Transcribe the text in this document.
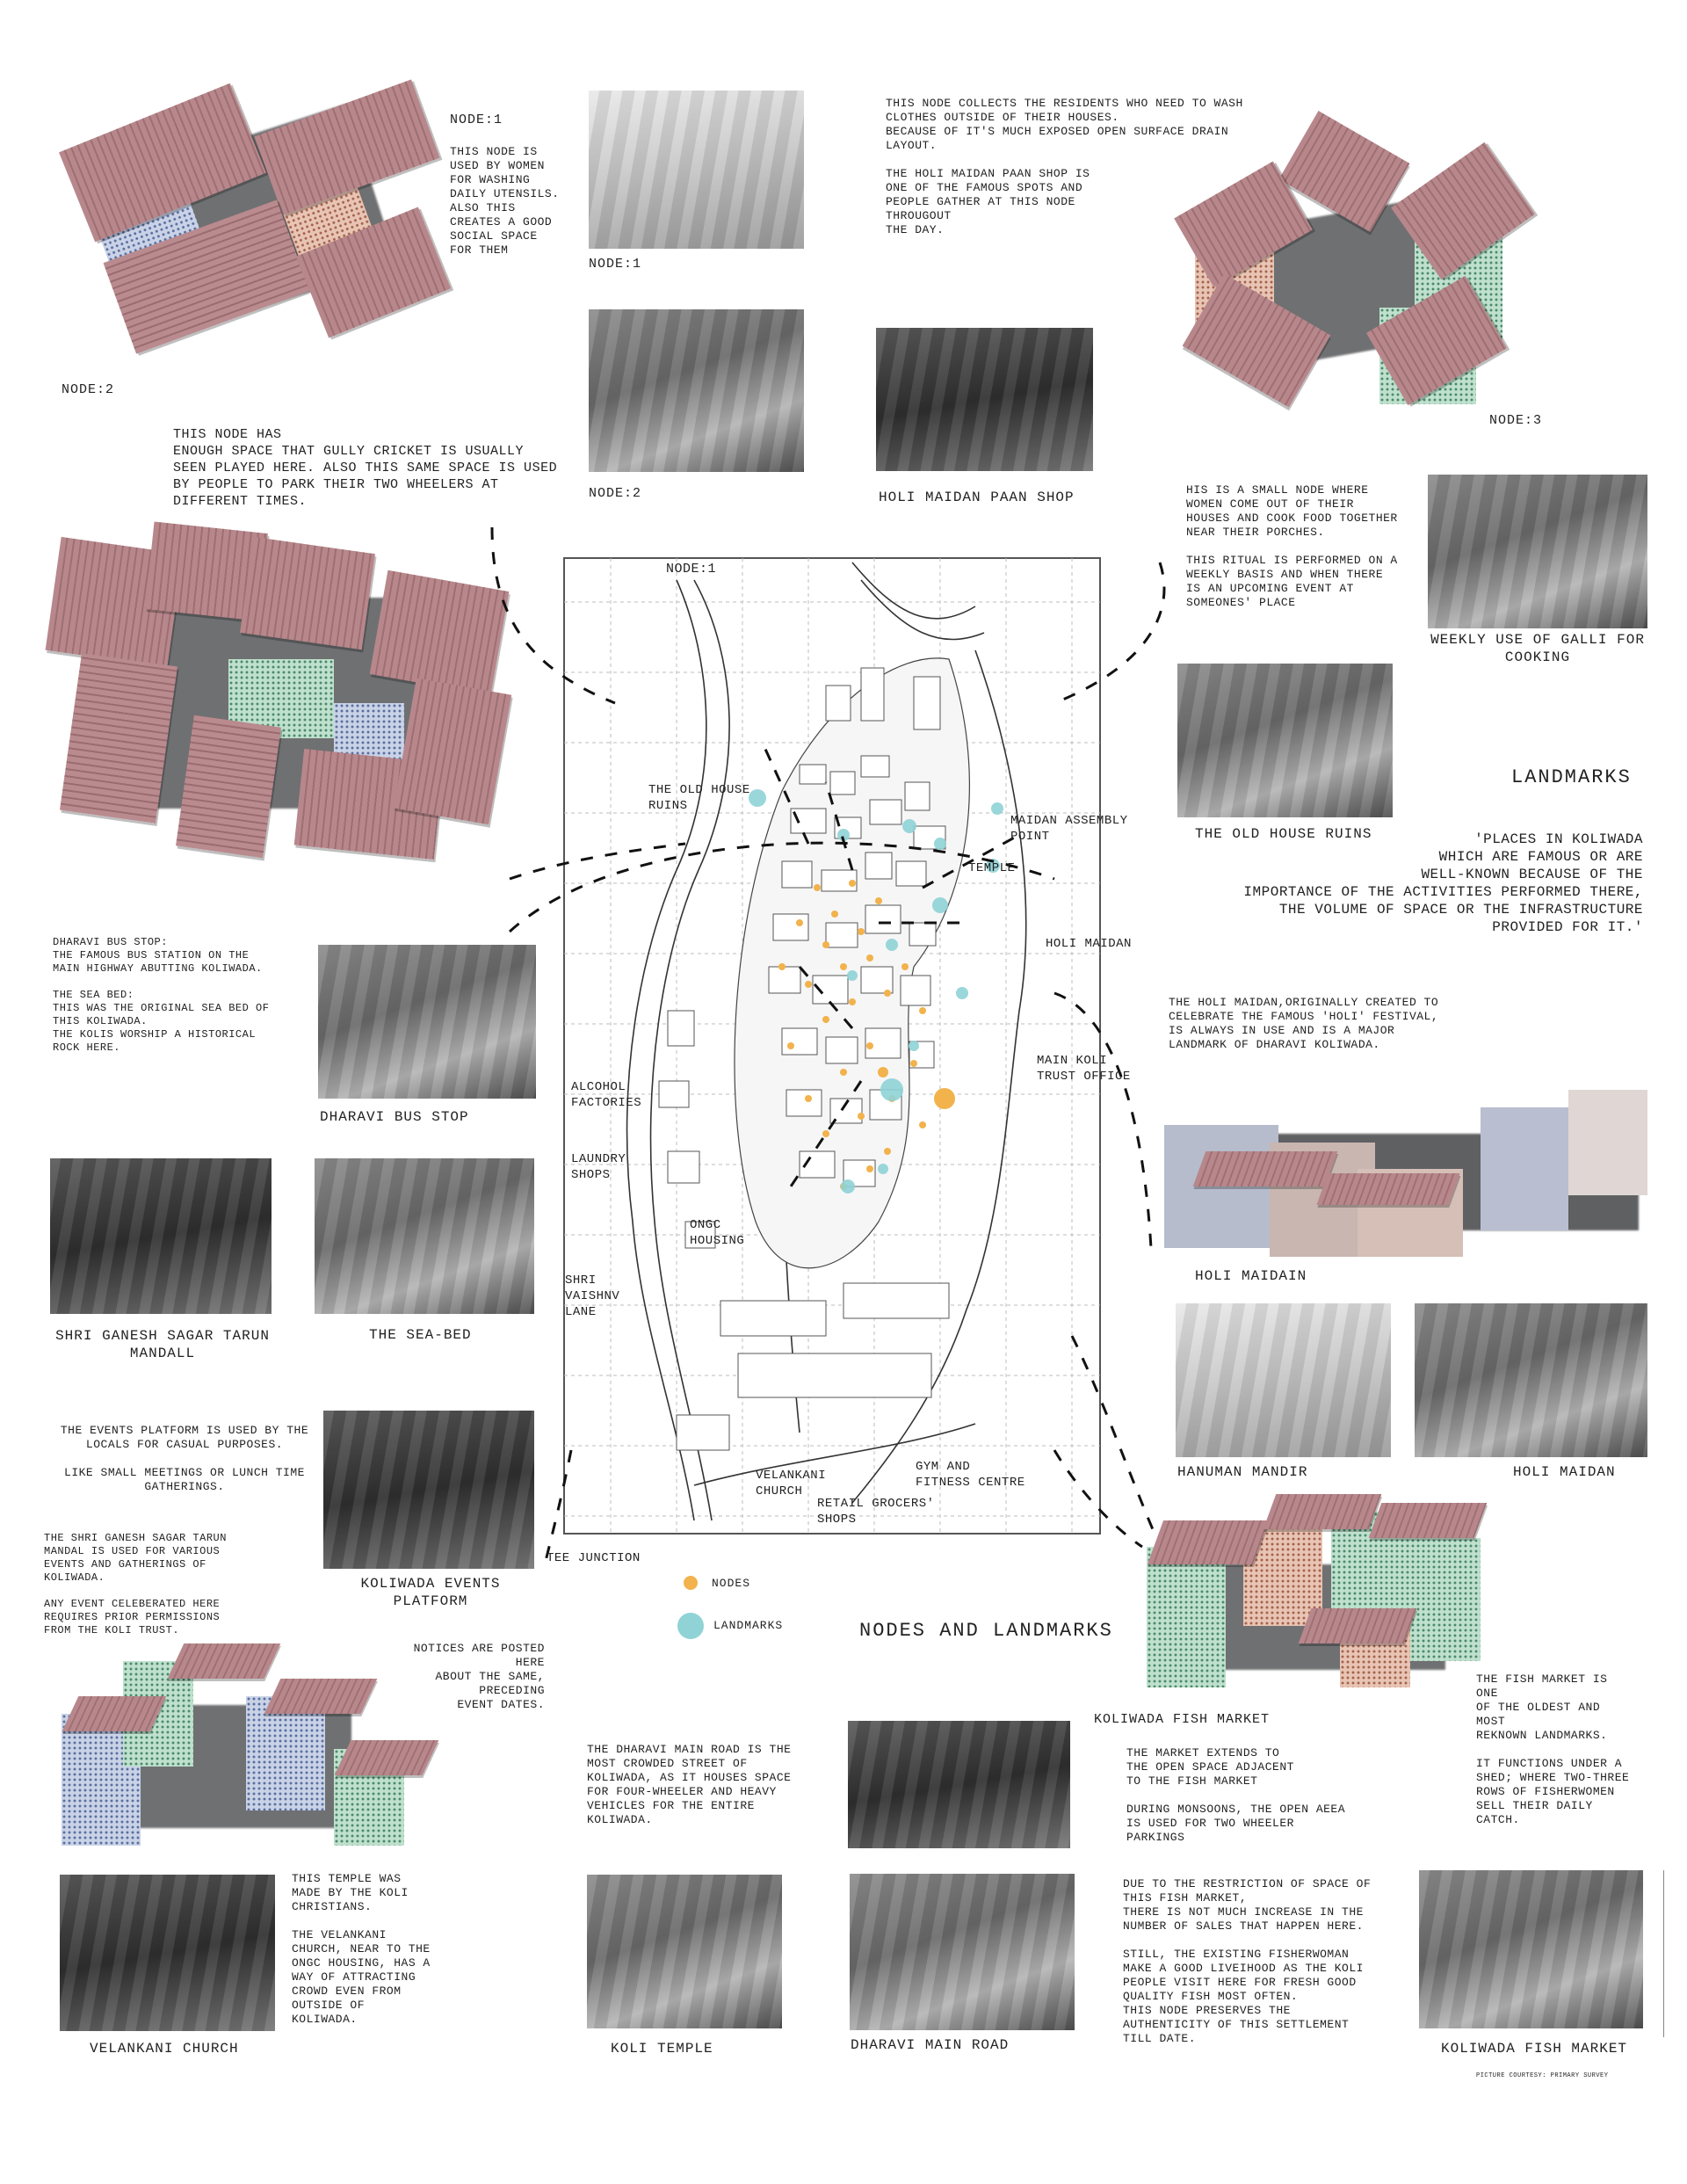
NODE:1
THIS NODE IS
USED BY WOMEN
FOR WASHING
DAILY UTENSILS.
ALSO THIS
CREATES A GOOD
SOCIAL SPACE
FOR THEM
NODE:1
THIS NODE COLLECTS THE RESIDENTS WHO NEED TO WASH
CLOTHES OUTSIDE OF THEIR HOUSES.
BECAUSE OF IT'S MUCH EXPOSED OPEN SURFACE DRAIN
LAYOUT.

THE HOLI MAIDAN PAAN SHOP IS
ONE OF THE FAMOUS SPOTS AND
PEOPLE GATHER AT THIS NODE
THROUGOUT
THE DAY.
NODE:2	HOLI MAIDAN PAAN SHOP
NODE:3
NODE:2
THIS NODE HAS
ENOUGH SPACE THAT GULLY CRICKET IS USUALLY
SEEN PLAYED HERE. ALSO THIS SAME SPACE IS USED
BY PEOPLE TO PARK THEIR TWO WHEELERS AT
DIFFERENT TIMES.
HIS IS A SMALL NODE WHERE
WOMEN COME OUT OF THEIR
HOUSES AND COOK FOOD TOGETHER
NEAR THEIR PORCHES.

THIS RITUAL IS PERFORMED ON A
WEEKLY BASIS AND WHEN THERE
IS AN UPCOMING EVENT AT
SOMEONES' PLACE
WEEKLY USE OF GALLI FOR
COOKING
THE OLD HOUSE RUINS
LANDMARKS
'PLACES IN KOLIWADA
WHICH ARE FAMOUS OR ARE
WELL-KNOWN BECAUSE OF THE
IMPORTANCE OF THE ACTIVITIES PERFORMED THERE,
THE VOLUME OF SPACE OR THE INFRASTRUCTURE
PROVIDED FOR IT.'
NODE:1
THE OLD HOUSE
RUINS
MAIDAN ASSEMBLY
POINT
TEMPLE
HOLI MAIDAN
ALCOHOL
FACTORIES
LAUNDRY
SHOPS
MAIN KOLI
TRUST OFFICE
ONGC
HOUSING
SHRI
VAISHNV
LANE
VELANKANI
CHURCH
GYM AND
FITNESS CENTRE
RETAIL GROCERS'
SHOPS
TEE JUNCTION
NODES
LANDMARKS	NODES AND LANDMARKS
THE HOLI MAIDAN,ORIGINALLY CREATED TO
CELEBRATE THE FAMOUS 'HOLI' FESTIVAL,
IS ALWAYS IN USE AND IS A MAJOR
LANDMARK OF DHARAVI KOLIWADA.
HOLI MAIDAIN
HANUMAN MANDIR	HOLI MAIDAN
DHARAVI BUS STOP:
THE FAMOUS BUS STATION ON THE
MAIN HIGHWAY ABUTTING KOLIWADA.

THE SEA BED:
THIS WAS THE ORIGINAL SEA BED OF
THIS KOLIWADA.
THE KOLIS WORSHIP A HISTORICAL
ROCK HERE.
DHARAVI BUS STOP
SHRI GANESH SAGAR TARUN
MANDALL
THE SEA-BED
THE EVENTS PLATFORM IS USED BY THE
LOCALS FOR CASUAL PURPOSES.

LIKE SMALL MEETINGS OR LUNCH TIME
GATHERINGS.
KOLIWADA EVENTS
PLATFORM
THE SHRI GANESH SAGAR TARUN
MANDAL IS USED FOR VARIOUS
EVENTS AND GATHERINGS OF
KOLIWADA.

ANY EVENT CELEBERATED HERE
REQUIRES PRIOR PERMISSIONS
FROM THE KOLI TRUST.
NOTICES ARE POSTED
HERE
ABOUT THE SAME,
PRECEDING
EVENT DATES.
VELANKANI CHURCH
THIS TEMPLE WAS
MADE BY THE KOLI
CHRISTIANS.

THE VELANKANI
CHURCH, NEAR TO THE
ONGC HOUSING, HAS A
WAY OF ATTRACTING
CROWD EVEN FROM
OUTSIDE OF
KOLIWADA.
THE DHARAVI MAIN ROAD IS THE
MOST CROWDED STREET OF
KOLIWADA, AS IT HOUSES SPACE
FOR FOUR-WHEELER AND HEAVY
VEHICLES FOR THE ENTIRE
KOLIWADA.
KOLI TEMPLE
KOLIWADA FISH MARKET
THE MARKET EXTENDS TO
THE OPEN SPACE ADJACENT
TO THE FISH MARKET

DURING MONSOONS, THE OPEN AEEA
IS USED FOR TWO WHEELER
PARKINGS
DHARAVI MAIN ROAD
THE FISH MARKET IS
ONE
OF THE OLDEST AND
MOST
REKNOWN LANDMARKS.

IT FUNCTIONS UNDER A
SHED; WHERE TWO-THREE
ROWS OF FISHERWOMEN
SELL THEIR DAILY
CATCH.
DUE TO THE RESTRICTION OF SPACE OF
THIS FISH MARKET,
THERE IS NOT MUCH INCREASE IN THE
NUMBER OF SALES THAT HAPPEN HERE.

STILL, THE EXISTING FISHERWOMAN
MAKE A GOOD LIVEIHOOD AS THE KOLI
PEOPLE VISIT HERE FOR FRESH GOOD
QUALITY FISH MOST OFTEN.
THIS NODE PRESERVES THE
AUTHENTICITY OF THIS SETTLEMENT
TILL DATE.
KOLIWADA FISH MARKET
PICTURE COURTESY: PRIMARY SURVEY
